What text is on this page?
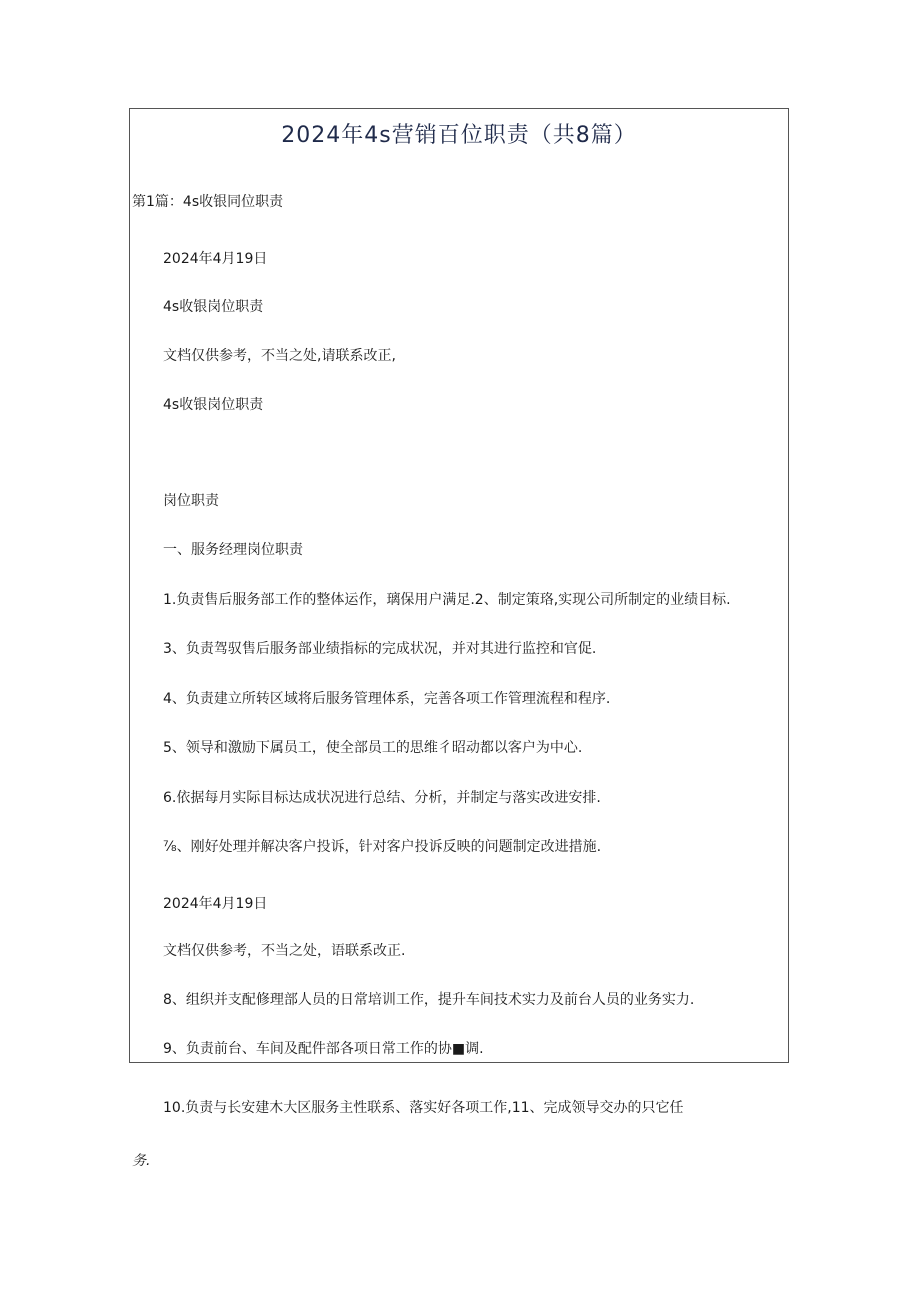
2024年4s营销百位职责（共8篇）
第1篇：4s收银同位职责
2024年4月19日
4s收银岗位职责
文档仅供参考，不当之处,请联系改正,
4s收银岗位职责
岗位职责
一、服务经理岗位职责
1.负责售后服务部工作的整体运作，璃保用户满足.2、制定策珞,实现公司所制定的业绩目标.
3、负责驾驭售后服务部业绩指标的完成状况，并对其进行监控和官促.
4、负责建立所转区域将后服务管理体系，完善各项工作管理流程和程序.
5、领导和激励下属员工，使全部员工的思维彳昭动都以客户为中心.
6.依据每月实际目标达成状况进行总结、分析，并制定与落实改进安排.
⅞、刚好处理并解决客户投诉，针对客户投诉反映的问题制定改进措施.
2024年4月19日
文档仅供参考，不当之处，语联系改正.
8、组织并支配修理部人员的日常培训工作，提升车间技术实力及前台人员的业务实力.
9、负责前台、车间及配件部各项日常工作的协■调.
10.负责与长安建木大区服务主性联系、落实好各项工作,11、完成领导交办的只它任
务.
